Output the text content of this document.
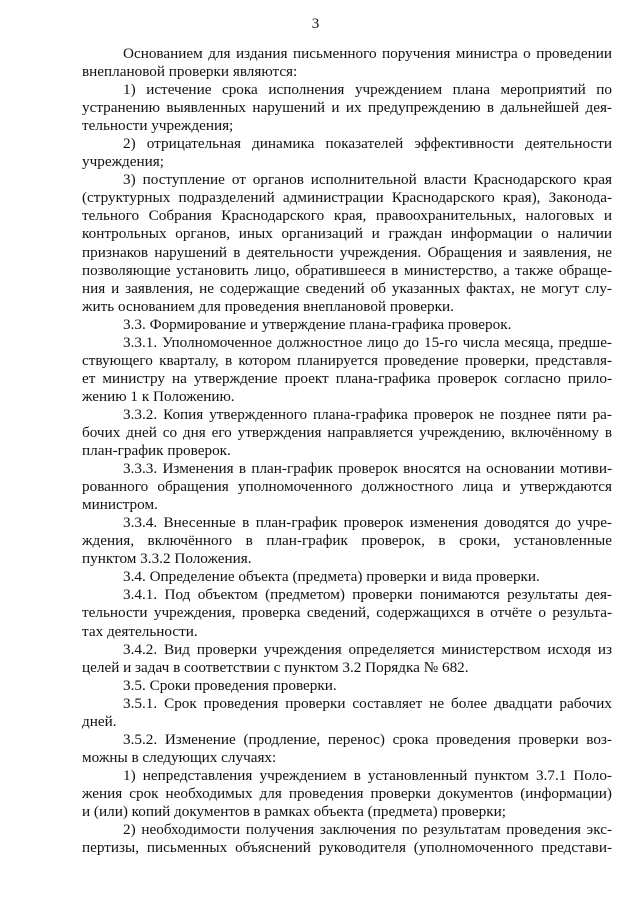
3
Основанием для издания письменного поручения министра о проведении
внеплановой проверки являются:
1) истечение срока исполнения учреждением плана мероприятий по
устранению выявленных нарушений и их предупреждению в дальнейшей дея-
тельности учреждения;
2) отрицательная динамика показателей эффективности деятельности
учреждения;
3) поступление от органов исполнительной власти Краснодарского края
(структурных подразделений администрации Краснодарского края), Законода-
тельного Собрания Краснодарского края, правоохранительных, налоговых и
контрольных органов, иных организаций и граждан информации о наличии
признаков нарушений в деятельности учреждения. Обращения и заявления, не
позволяющие установить лицо, обратившееся в министерство, а также обраще-
ния и заявления, не содержащие сведений об указанных фактах, не могут слу-
жить основанием для проведения внеплановой проверки.
3.3. Формирование и утверждение плана-графика проверок.
3.3.1. Уполномоченное должностное лицо до 15-го числа месяца, предше-
ствующего кварталу, в котором планируется проведение проверки, представля-
ет министру на утверждение проект плана-графика проверок согласно прило-
жению 1 к Положению.
3.3.2. Копия утвержденного плана-графика проверок не позднее пяти ра-
бочих дней со дня его утверждения направляется учреждению, включённому в
план-график проверок.
3.3.3. Изменения в план-график проверок вносятся на основании мотиви-
рованного обращения уполномоченного должностного лица и утверждаются
министром.
3.3.4. Внесенные в план-график проверок изменения доводятся до учре-
ждения, включённого в план-график проверок, в сроки, установленные
пунктом 3.3.2 Положения.
3.4. Определение объекта (предмета) проверки и вида проверки.
3.4.1. Под объектом (предметом) проверки понимаются результаты дея-
тельности учреждения, проверка сведений, содержащихся в отчёте о результа-
тах деятельности.
3.4.2. Вид проверки учреждения определяется министерством исходя из
целей и задач в соответствии с пунктом 3.2 Порядка № 682.
3.5. Сроки проведения проверки.
3.5.1. Срок проведения проверки составляет не более двадцати рабочих
дней.
3.5.2. Изменение (продление, перенос) срока проведения проверки воз-
можны в следующих случаях:
1) непредставления учреждением в установленный пунктом 3.7.1 Поло-
жения срок необходимых для проведения проверки документов (информации)
и (или) копий документов в рамках объекта (предмета) проверки;
2) необходимости получения заключения по результатам проведения экс-
пертизы, письменных объяснений руководителя (уполномоченного представи-
